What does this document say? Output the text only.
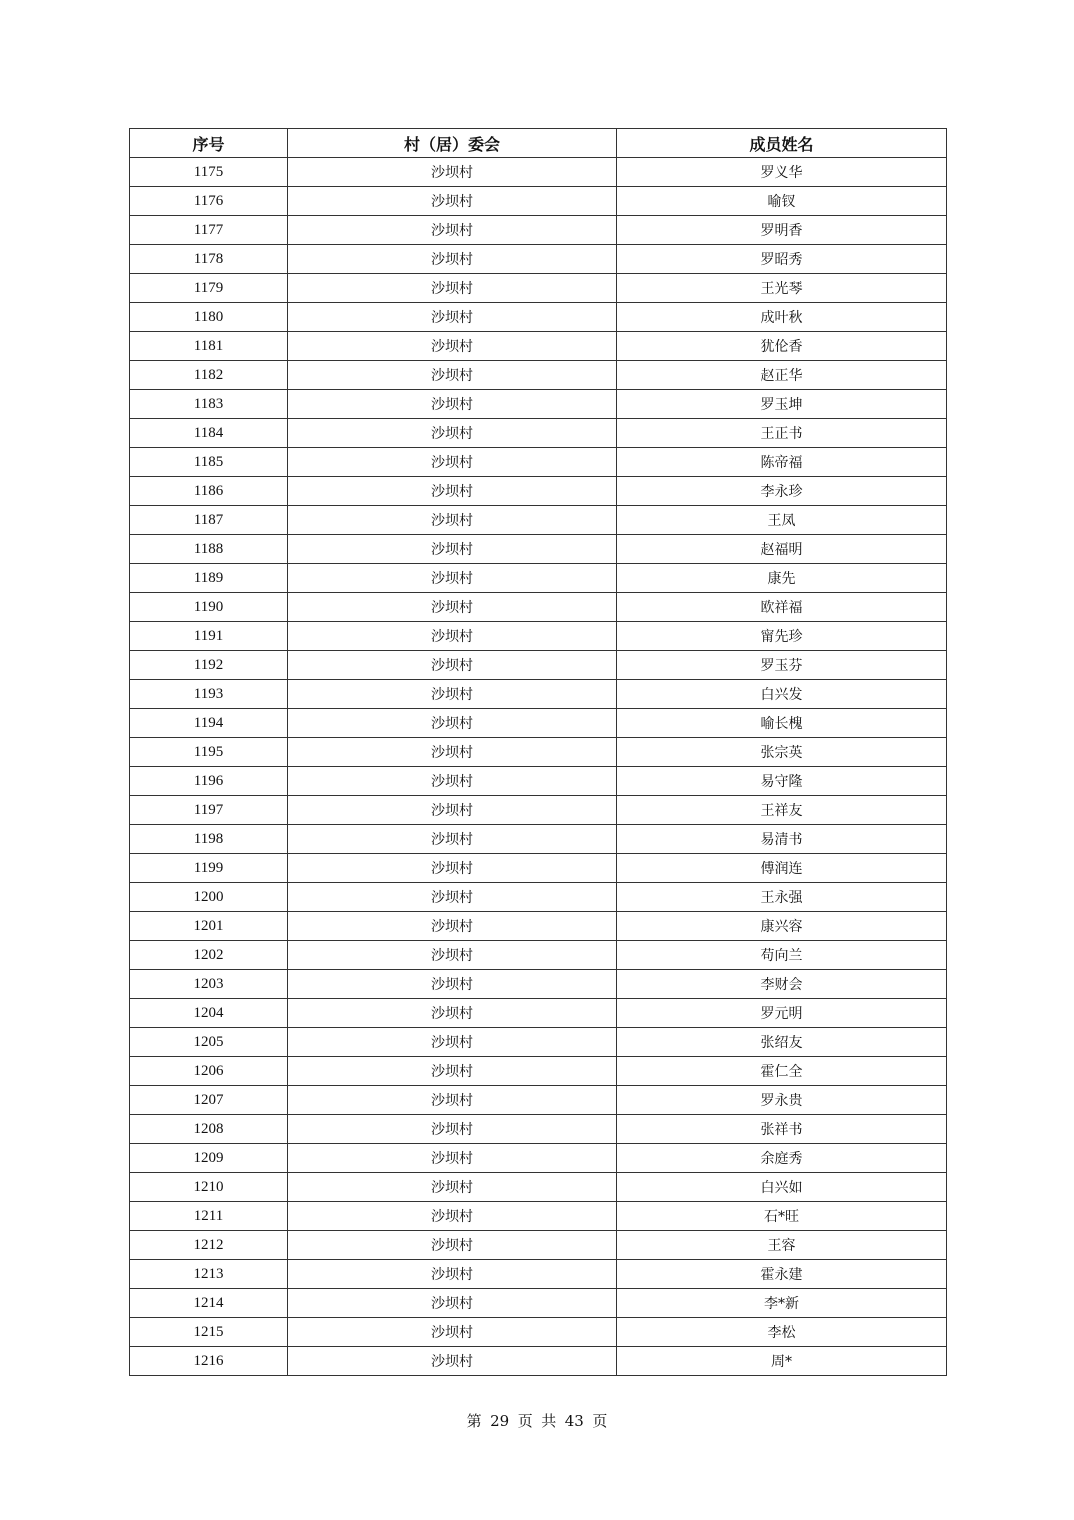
序号	村（居）委会	成员姓名
1175	沙坝村	罗义华
1176	沙坝村	喻钗
1177	沙坝村	罗明香
1178	沙坝村	罗昭秀
1179	沙坝村	王光琴
1180	沙坝村	成叶秋
1181	沙坝村	犹伦香
1182	沙坝村	赵正华
1183	沙坝村	罗玉坤
1184	沙坝村	王正书
1185	沙坝村	陈帝福
1186	沙坝村	李永珍
1187	沙坝村	王凤
1188	沙坝村	赵福明
1189	沙坝村	康先
1190	沙坝村	欧祥福
1191	沙坝村	甯先珍
1192	沙坝村	罗玉芬
1193	沙坝村	白兴发
1194	沙坝村	喻长槐
1195	沙坝村	张宗英
1196	沙坝村	易守隆
1197	沙坝村	王祥友
1198	沙坝村	易清书
1199	沙坝村	傅润连
1200	沙坝村	王永强
1201	沙坝村	康兴容
1202	沙坝村	苟向兰
1203	沙坝村	李财会
1204	沙坝村	罗元明
1205	沙坝村	张绍友
1206	沙坝村	霍仁全
1207	沙坝村	罗永贵
1208	沙坝村	张祥书
1209	沙坝村	余庭秀
1210	沙坝村	白兴如
1211	沙坝村	石*旺
1212	沙坝村	王容
1213	沙坝村	霍永建
1214	沙坝村	李*新
1215	沙坝村	李松
1216	沙坝村	周*
第 29 页 共 43 页
